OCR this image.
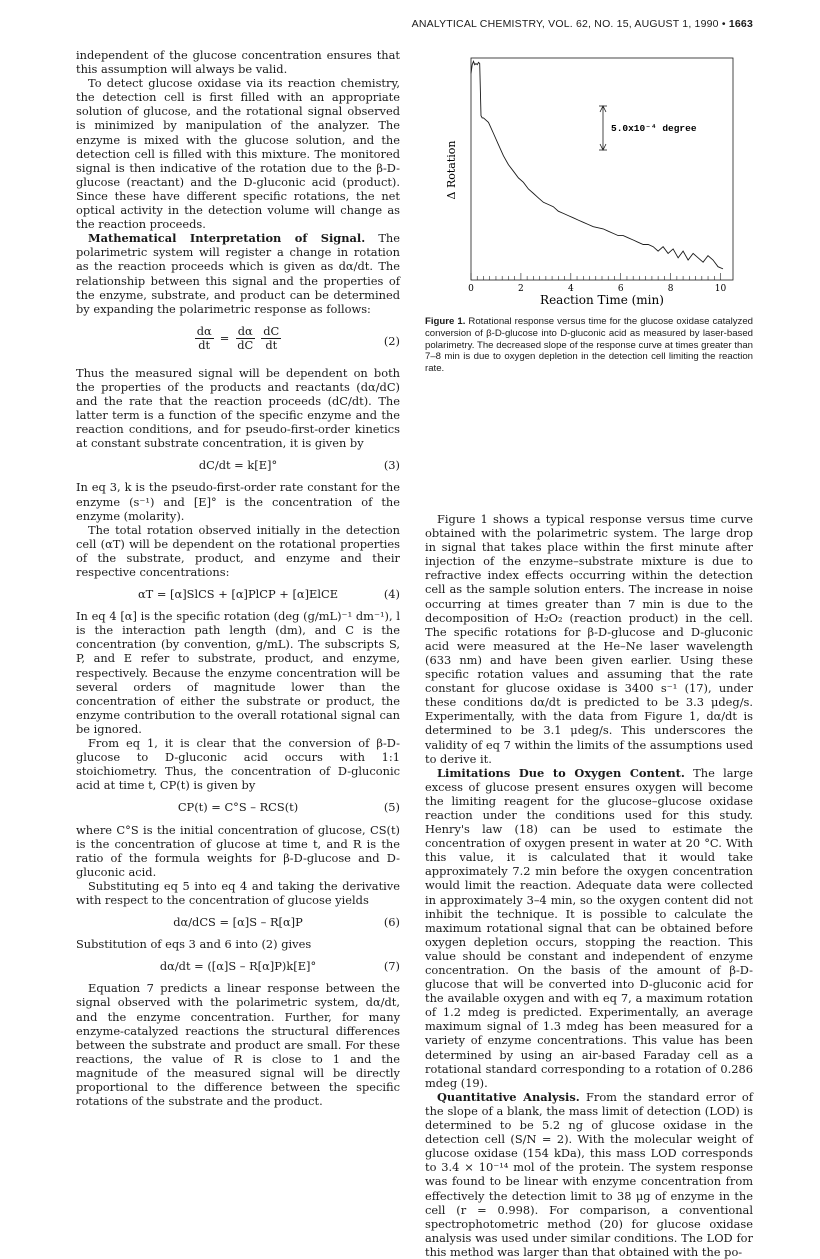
ANALYTICAL CHEMISTRY, VOL. 62, NO. 15, AUGUST 1, 1990 • 1663

independent of the glucose concentration ensures that this assumption will always be valid.

To detect glucose oxidase via its reaction chemistry, the detection cell is first filled with an appropriate solution of glucose, and the rotational signal observed is minimized by manipulation of the analyzer. The enzyme is mixed with the glucose solution, and the detection cell is filled with this mixture. The monitored signal is then indicative of the rotation due to the β-D-glucose (reactant) and the D-gluconic acid (product). Since these have different specific rotations, the net optical activity in the detection volume will change as the reaction proceeds.

Mathematical Interpretation of Signal. The polarimetric system will register a change in rotation as the reaction proceeds which is given as dα/dt. The relationship between this signal and the properties of the enzyme, substrate, and product can be determined by expanding the polarimetric response as follows:

$\frac{d\alpha}{dt} = \frac{d\alpha}{dC} \frac{dC}{dt}$	(2)

Thus the measured signal will be dependent on both the properties of the products and reactants (dα/dC) and the rate that the reaction proceeds (dC/dt). The latter term is a function of the specific enzyme and the reaction conditions, and for pseudo-first-order kinetics at constant substrate concentration, it is given by

dC/dt = k[E]°	(3)

In eq 3, k is the pseudo-first-order rate constant for the enzyme (s⁻¹) and [E]° is the concentration of the enzyme (molarity).

The total rotation observed initially in the detection cell (αT) will be dependent on the rotational properties of the substrate, product, and enzyme and their respective concentrations:

αT = [α]SlCS + [α]PlCP + [α]ElCE	(4)

In eq 4 [α] is the specific rotation (deg (g/mL)⁻¹ dm⁻¹), l is the interaction path length (dm), and C is the concentration (by convention, g/mL). The subscripts S, P, and E refer to substrate, product, and enzyme, respectively. Because the enzyme concentration will be several orders of magnitude lower than the concentration of either the substrate or product, the enzyme contribution to the overall rotational signal can be ignored.

From eq 1, it is clear that the conversion of β-D-glucose to D-gluconic acid occurs with 1:1 stoichiometry. Thus, the concentration of D-gluconic acid at time t, CP(t) is given by

CP(t) = C°S – RCS(t)	(5)

where C°S is the initial concentration of glucose, CS(t) is the concentration of glucose at time t, and R is the ratio of the formula weights for β-D-glucose and D-gluconic acid.

Substituting eq 5 into eq 4 and taking the derivative with respect to the concentration of glucose yields

dα/dCS = [α]S – R[α]P	(6)

Substitution of eqs 3 and 6 into (2) gives

dα/dt = ([α]S – R[α]P)k[E]°	(7)

Equation 7 predicts a linear response between the signal observed with the polarimetric system, dα/dt, and the enzyme concentration. Further, for many enzyme-catalyzed reactions the structural differences between the substrate and product are small. For these reactions, the value of R is close to 1 and the magnitude of the measured signal will be directly proportional to the difference between the specific rotations of the substrate and the product.

0	2	4	6	8	10
5.0x10⁻⁴ degree
Δ Rotation
Reaction Time (min)
Figure 1. Rotational response versus time for the glucose oxidase catalyzed conversion of β-D-glucose into D-gluconic acid as measured by laser-based polarimetry. The decreased slope of the response curve at times greater than 7–8 min is due to oxygen depletion in the detection cell limiting the reaction rate.

Figure 1 shows a typical response versus time curve obtained with the polarimetric system. The large drop in signal that takes place within the first minute after injection of the enzyme–substrate mixture is due to refractive index effects occurring within the detection cell as the sample solution enters. The increase in noise occurring at times greater than 7 min is due to the decomposition of H₂O₂ (reaction product) in the cell. The specific rotations for β-D-glucose and D-gluconic acid were measured at the He–Ne laser wavelength (633 nm) and have been given earlier. Using these specific rotation values and assuming that the rate constant for glucose oxidase is 3400 s⁻¹ (17), under these conditions dα/dt is predicted to be 3.3 μdeg/s. Experimentally, with the data from Figure 1, dα/dt is determined to be 3.1 μdeg/s. This underscores the validity of eq 7 within the limits of the assumptions used to derive it.

Limitations Due to Oxygen Content. The large excess of glucose present ensures oxygen will become the limiting reagent for the glucose–glucose oxidase reaction under the conditions used for this study. Henry's law (18) can be used to estimate the concentration of oxygen present in water at 20 °C. With this value, it is calculated that it would take approximately 7.2 min before the oxygen concentration would limit the reaction. Adequate data were collected in approximately 3–4 min, so the oxygen content did not inhibit the technique. It is possible to calculate the maximum rotational signal that can be obtained before oxygen depletion occurs, stopping the reaction. This value should be constant and independent of enzyme concentration. On the basis of the amount of β-D-glucose that will be converted into D-gluconic acid for the available oxygen and with eq 7, a maximum rotation of 1.2 mdeg is predicted. Experimentally, an average maximum signal of 1.3 mdeg has been measured for a variety of enzyme concentrations. This value has been determined by using an air-based Faraday cell as a rotational standard corresponding to a rotation of 0.286 mdeg (19).

Quantitative Analysis. From the standard error of the slope of a blank, the mass limit of detection (LOD) is determined to be 5.2 ng of glucose oxidase in the detection cell (S/N = 2). With the molecular weight of glucose oxidase (154 kDa), this mass LOD corresponds to 3.4 × 10⁻¹⁴ mol of the protein. The system response was found to be linear with enzyme concentration from effectively the detection limit to 38 μg of enzyme in the cell (r = 0.998). For comparison, a conventional spectrophotometric method (20) for glucose oxidase analysis was used under similar conditions. The LOD for this method was larger than that obtained with the po-
